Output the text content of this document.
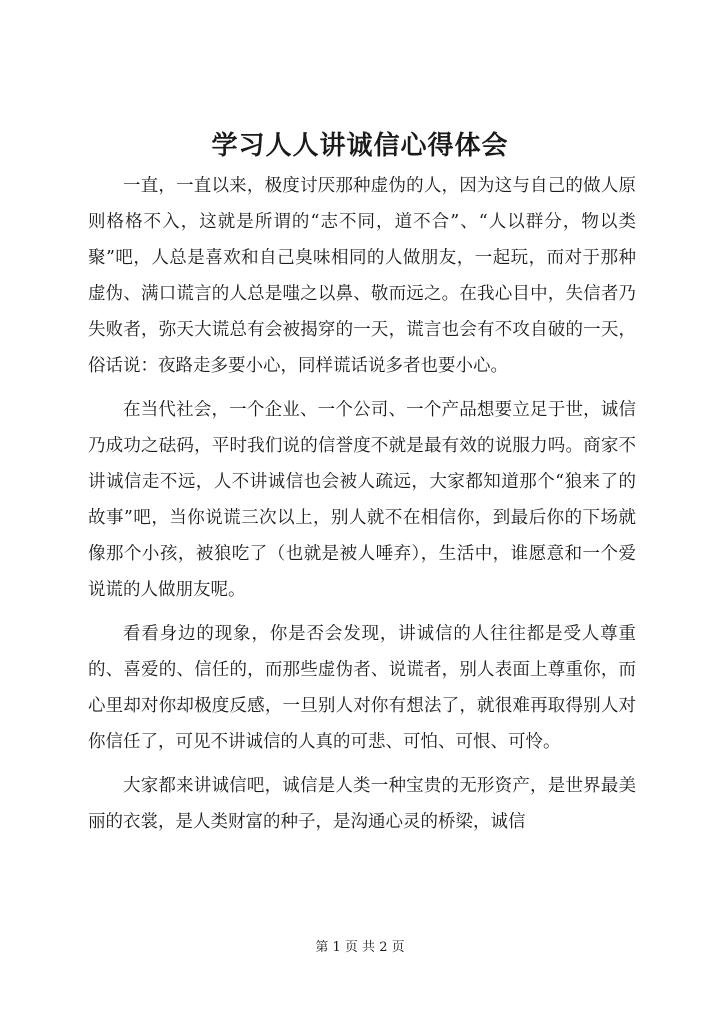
学习人人讲诚信心得体会

一直，一直以来，极度讨厌那种虚伪的人，因为这与自己的做人原则格格不入，这就是所谓的“志不同，道不合”、“人以群分，物以类聚”吧，人总是喜欢和自己臭味相同的人做朋友，一起玩，而对于那种虚伪、满口谎言的人总是嗤之以鼻、敬而远之。在我心目中，失信者乃失败者，弥天大谎总有会被揭穿的一天，谎言也会有不攻自破的一天，俗话说：夜路走多要小心，同样谎话说多者也要小心。

在当代社会，一个企业、一个公司、一个产品想要立足于世，诚信乃成功之砝码，平时我们说的信誉度不就是最有效的说服力吗。商家不讲诚信走不远，人不讲诚信也会被人疏远，大家都知道那个“狼来了的故事”吧，当你说谎三次以上，别人就不在相信你，到最后你的下场就像那个小孩，被狼吃了（也就是被人唾弃），生活中，谁愿意和一个爱说谎的人做朋友呢。

看看身边的现象，你是否会发现，讲诚信的人往往都是受人尊重的、喜爱的、信任的，而那些虚伪者、说谎者，别人表面上尊重你，而心里却对你却极度反感，一旦别人对你有想法了，就很难再取得别人对你信任了，可见不讲诚信的人真的可悲、可怕、可恨、可怜。

大家都来讲诚信吧，诚信是人类一种宝贵的无形资产，是世界最美丽的衣裳，是人类财富的种子，是沟通心灵的桥梁，诚信

第 1 页 共 2 页
